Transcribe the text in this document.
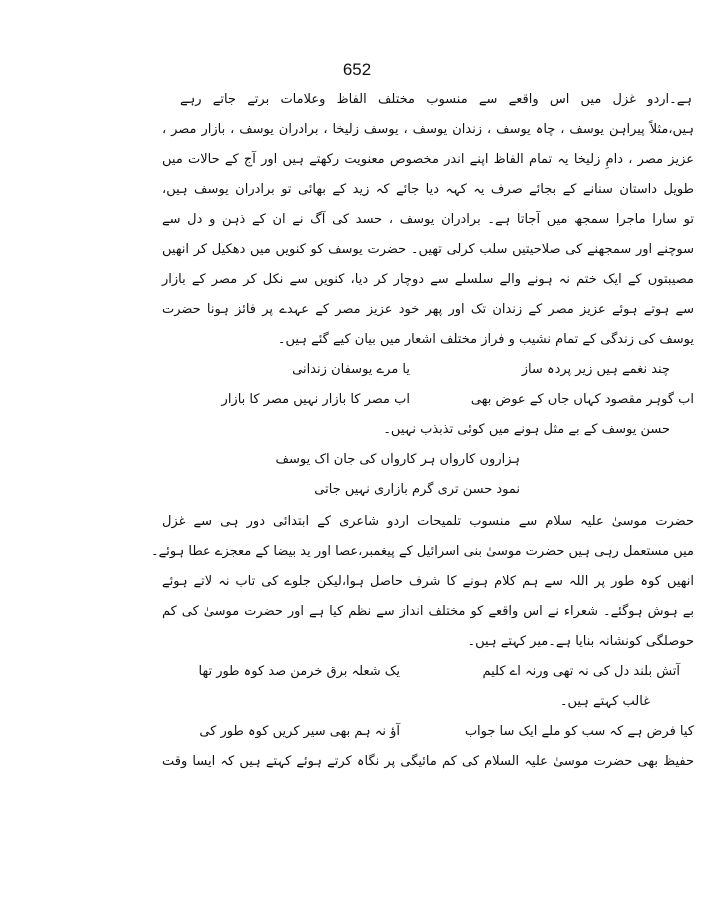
652
ہے۔اردو غزل میں اس واقعے سے منسوب مختلف الفاظ وعلامات برتے جاتے رہے
ہیں،مثلاً پیراہن یوسف ، چاہ یوسف ، زندان یوسف ، یوسف زلیخا ، برادران یوسف ، بازار مصر ،
عزیز مصر ، دامِ زلیخا یہ تمام الفاظ اپنے اندر مخصوص معنویت رکھتے ہیں اور آج کے حالات میں
طویل داستان سنانے کے بجائے صرف یہ کہہ دیا جائے کہ زید کے بھائی تو برادران یوسف ہیں،
تو سارا ماجرا سمجھ میں آجاتا ہے۔ برادران یوسف ، حسد کی آگ نے ان کے ذہن و دل سے
سوچنے اور سمجھنے کی صلاحیتیں سلب کرلی تھیں۔ حضرت یوسف کو کنویں میں دھکیل کر انھیں
مصیبتوں کے ایک ختم نہ ہونے والے سلسلے سے دوچار کر دیا، کنویں سے نکل کر مصر کے بازار
سے ہوتے ہوئے عزیز مصر کے زندان تک اور پھر خود عزیز مصر کے عہدے پر فائز ہونا حضرت
یوسف کی زندگی کے تمام نشیب و فراز مختلف اشعار میں بیان کیے گئے ہیں۔
چند نغمے ہیں زیر پردہ ساز
یا مرے یوسفان زندانی
اب گوہر مقصود کہاں جاں کے عوض بھی
اب مصر کا بازار نہیں مصر کا بازار
حسن یوسف کے بے مثل ہونے میں کوئی تذبذب نہیں۔
ہزاروں کارواں ہر کارواں کی جان اک یوسف
نمود حسن تری گرم بازاری نہیں جاتی
حضرت موسیٰ علیہ سلام سے منسوب تلمیحات اردو شاعری کے ابتدائی دور ہی سے غزل
میں مستعمل رہی ہیں حضرت موسیٰ بنی اسرائیل کے پیغمبر،عصا اور ید بیضا کے معجزے عطا ہوئے۔
انھیں کوہ طور پر اللہ سے ہم کلام ہونے کا شرف حاصل ہوا،لیکن جلوے کی تاب نہ لاتے ہوئے
بے ہوش ہوگئے۔ شعراء نے اس واقعے کو مختلف انداز سے نظم کیا ہے اور حضرت موسیٰ کی کم
حوصلگی کونشانہ بنایا ہے۔میر کہتے ہیں۔
آتش بلند دل کی نہ تھی ورنہ اے کلیم
یک شعلہ برق خرمن صد کوہ طور تھا
غالب کہتے ہیں۔
کیا فرض ہے کہ سب کو ملے ایک سا جواب
آؤ نہ ہم بھی سیر کریں کوہ طور کی
حفیظ بھی حضرت موسیٰ علیہ السلام کی کم مائیگی پر نگاہ کرتے ہوئے کہتے ہیں کہ ایسا وقت
